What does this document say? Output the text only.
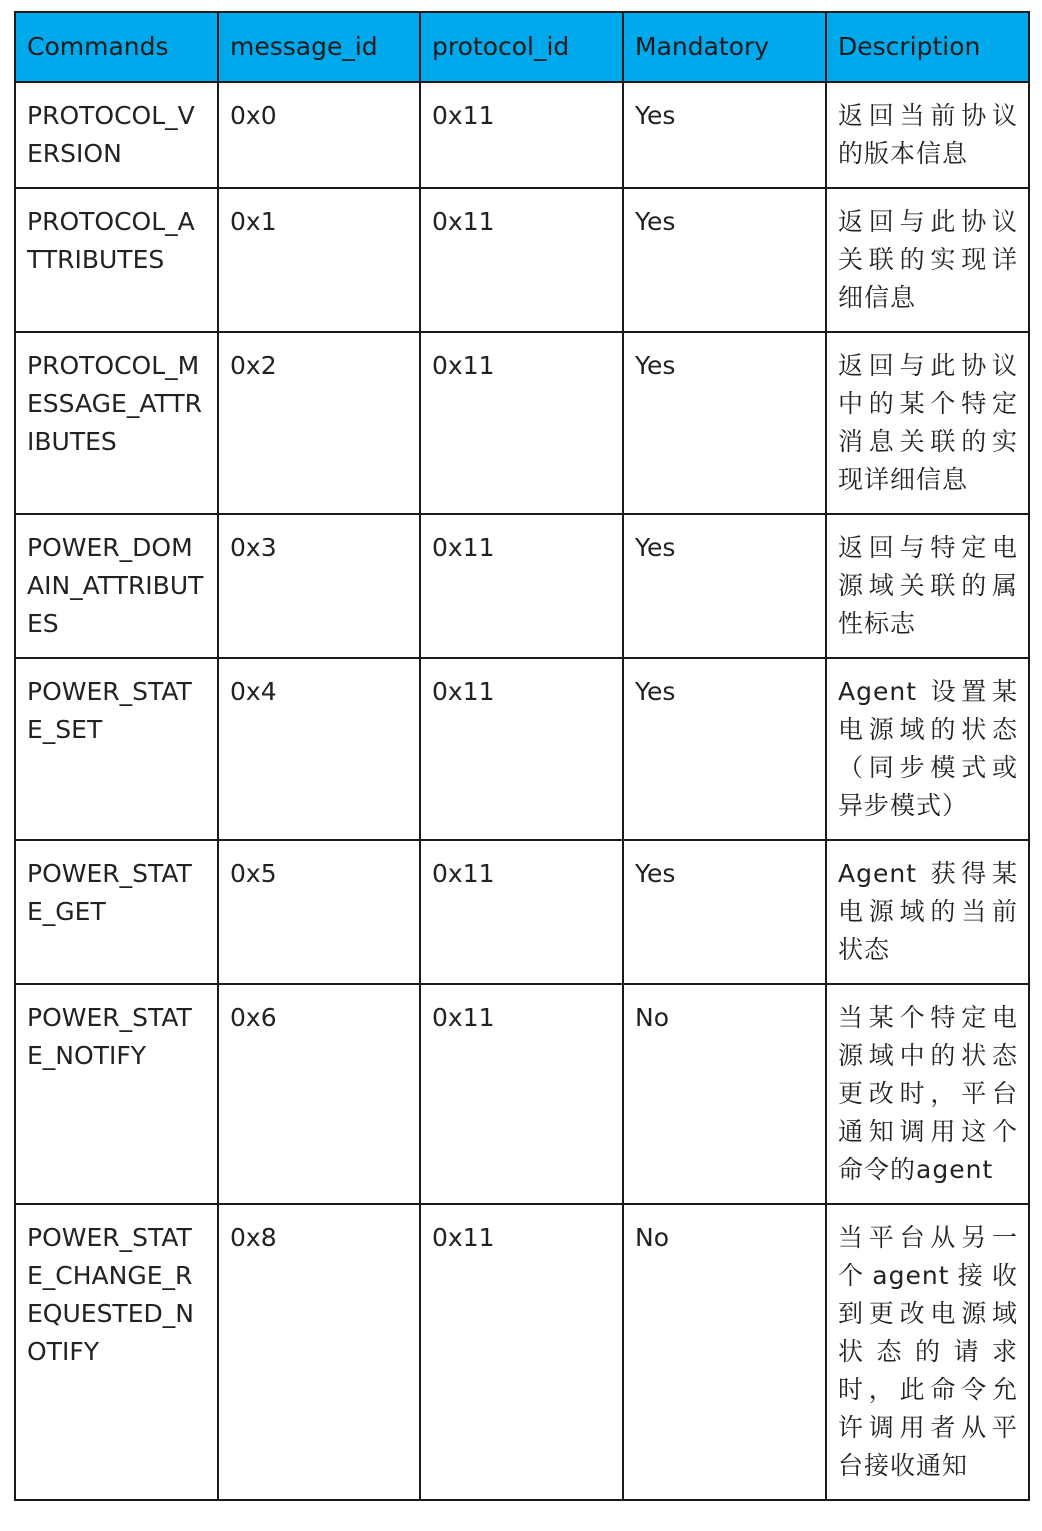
Commands	message_id	protocol_id	Mandatory	Description
PROTOCOL_VERSION	0x0	0x11	Yes	返回当前协议的版本信息
PROTOCOL_ATTRIBUTES	0x1	0x11	Yes	返回与此协议关联的实现详细信息
PROTOCOL_MESSAGE_ATTRIBUTES	0x2	0x11	Yes	返回与此协议中的某个特定消息关联的实现详细信息
POWER_DOMAIN_ATTRIBUTES	0x3	0x11	Yes	返回与特定电源域关联的属性标志
POWER_STATE_SET	0x4	0x11	Yes	Agent 设置某电源域的状态（同步模式或异步模式）
POWER_STATE_GET	0x5	0x11	Yes	Agent 获得某电源域的当前状态
POWER_STATE_NOTIFY	0x6	0x11	No	当某个特定电源域中的状态更改时，平台通知调用这个命令的agent
POWER_STATE_CHANGE_REQUESTED_NOTIFY	0x8	0x11	No	当平台从另一个agent接收到更改电源域状态的请求时，此命令允许调用者从平台接收通知
